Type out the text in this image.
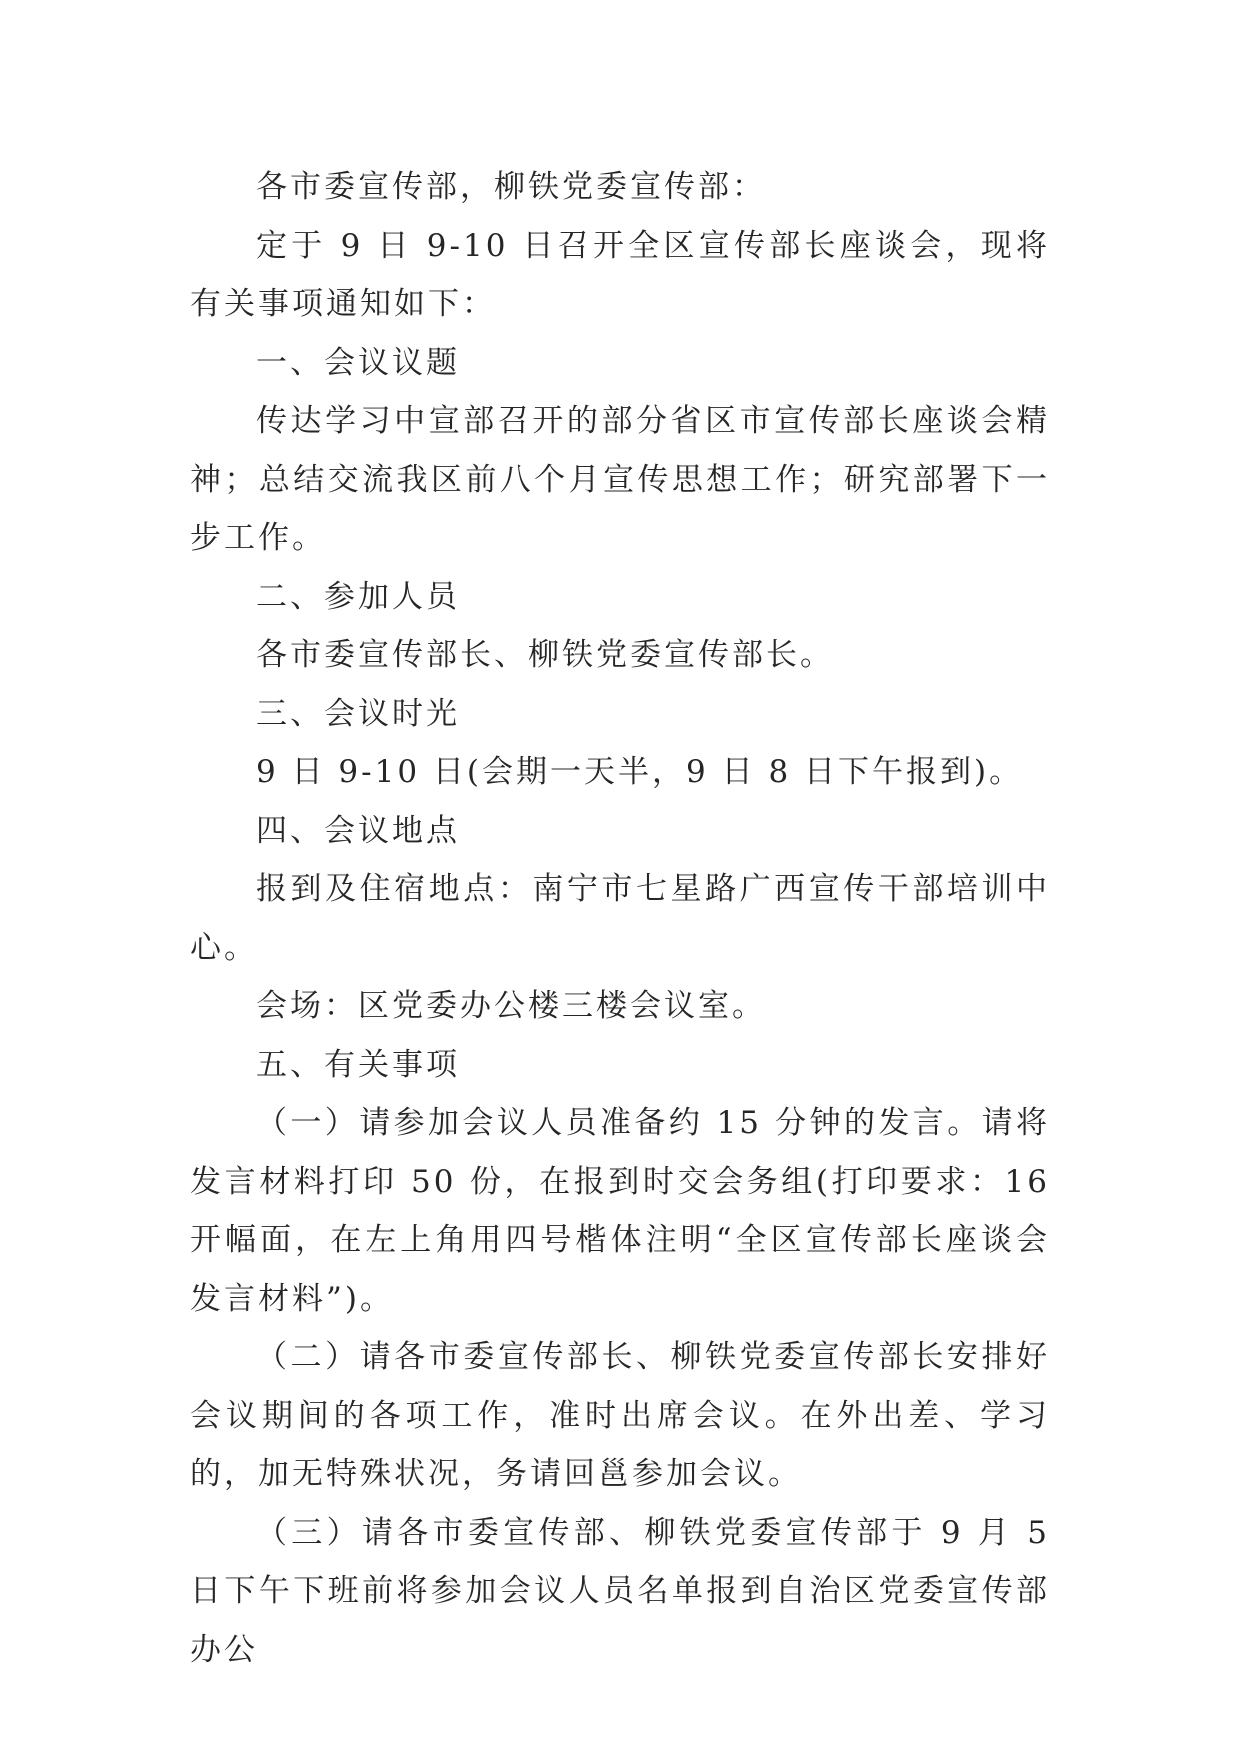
各市委宣传部，柳铁党委宣传部：

定于 9 日 9-10 日召开全区宣传部长座谈会，现将有关事项通知如下：

一、会议议题

传达学习中宣部召开的部分省区市宣传部长座谈会精神；总结交流我区前八个月宣传思想工作；研究部署下一步工作。

二、参加人员

各市委宣传部长、柳铁党委宣传部长。

三、会议时光

9 日 9-10 日(会期一天半，9 日 8 日下午报到)。

四、会议地点

报到及住宿地点：南宁市七星路广西宣传干部培训中心。

会场：区党委办公楼三楼会议室。

五、有关事项

（一）请参加会议人员准备约 15 分钟的发言。请将发言材料打印 50 份，在报到时交会务组(打印要求：16 开幅面，在左上角用四号楷体注明“全区宣传部长座谈会发言材料”)。

（二）请各市委宣传部长、柳铁党委宣传部长安排好会议期间的各项工作，准时出席会议。在外出差、学习的，加无特殊状况，务请回邕参加会议。

（三）请各市委宣传部、柳铁党委宣传部于 9 月 5 日下午下班前将参加会议人员名单报到自治区党委宣传部办公
